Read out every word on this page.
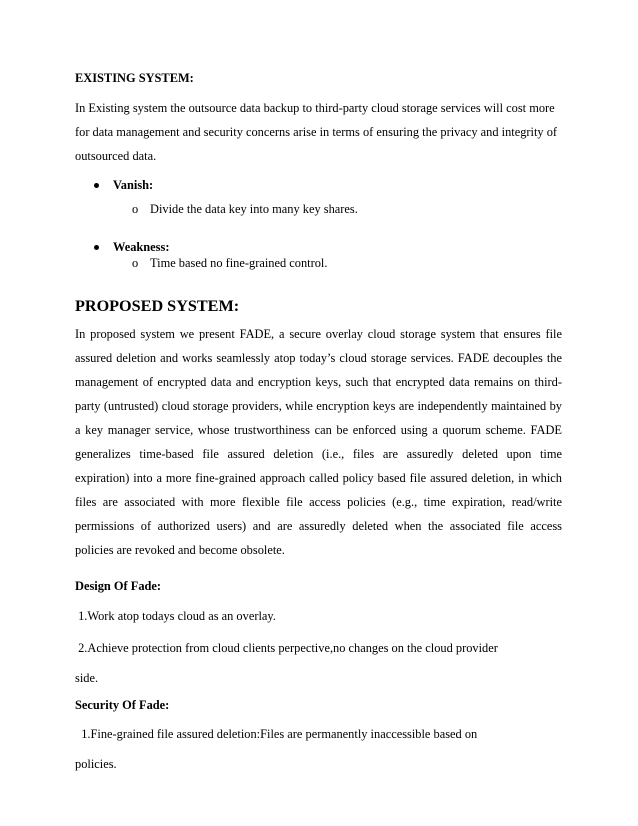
EXISTING SYSTEM:
In Existing system the outsource data backup to third-party cloud storage services will cost more
for data management and security concerns arise in terms of ensuring the privacy and integrity of
outsourced data.
Vanish:
o Divide the data key into many key shares.
Weakness:
o Time based no fine-grained control.
PROPOSED SYSTEM:
In proposed system we present FADE, a secure overlay cloud storage system that ensures file
assured deletion and works seamlessly atop today’s cloud storage services. FADE decouples the
management of encrypted data and encryption keys, such that encrypted data remains on third-
party (untrusted) cloud storage providers, while encryption keys are independently maintained by
a key manager service, whose trustworthiness can be enforced using a quorum scheme. FADE
generalizes time-based file assured deletion (i.e., files are assuredly deleted upon time
expiration) into a more fine-grained approach called policy based file assured deletion, in which
files are associated with more flexible file access policies (e.g., time expiration, read/write
permissions of authorized users) and are assuredly deleted when the associated file access
policies are revoked and become obsolete.
Design Of Fade:
1.Work atop todays cloud as an overlay.
2.Achieve protection from cloud clients perpective,no changes on the cloud provider
side.
Security Of Fade:
1.Fine-grained file assured deletion:Files are permanently inaccessible based on
policies.
